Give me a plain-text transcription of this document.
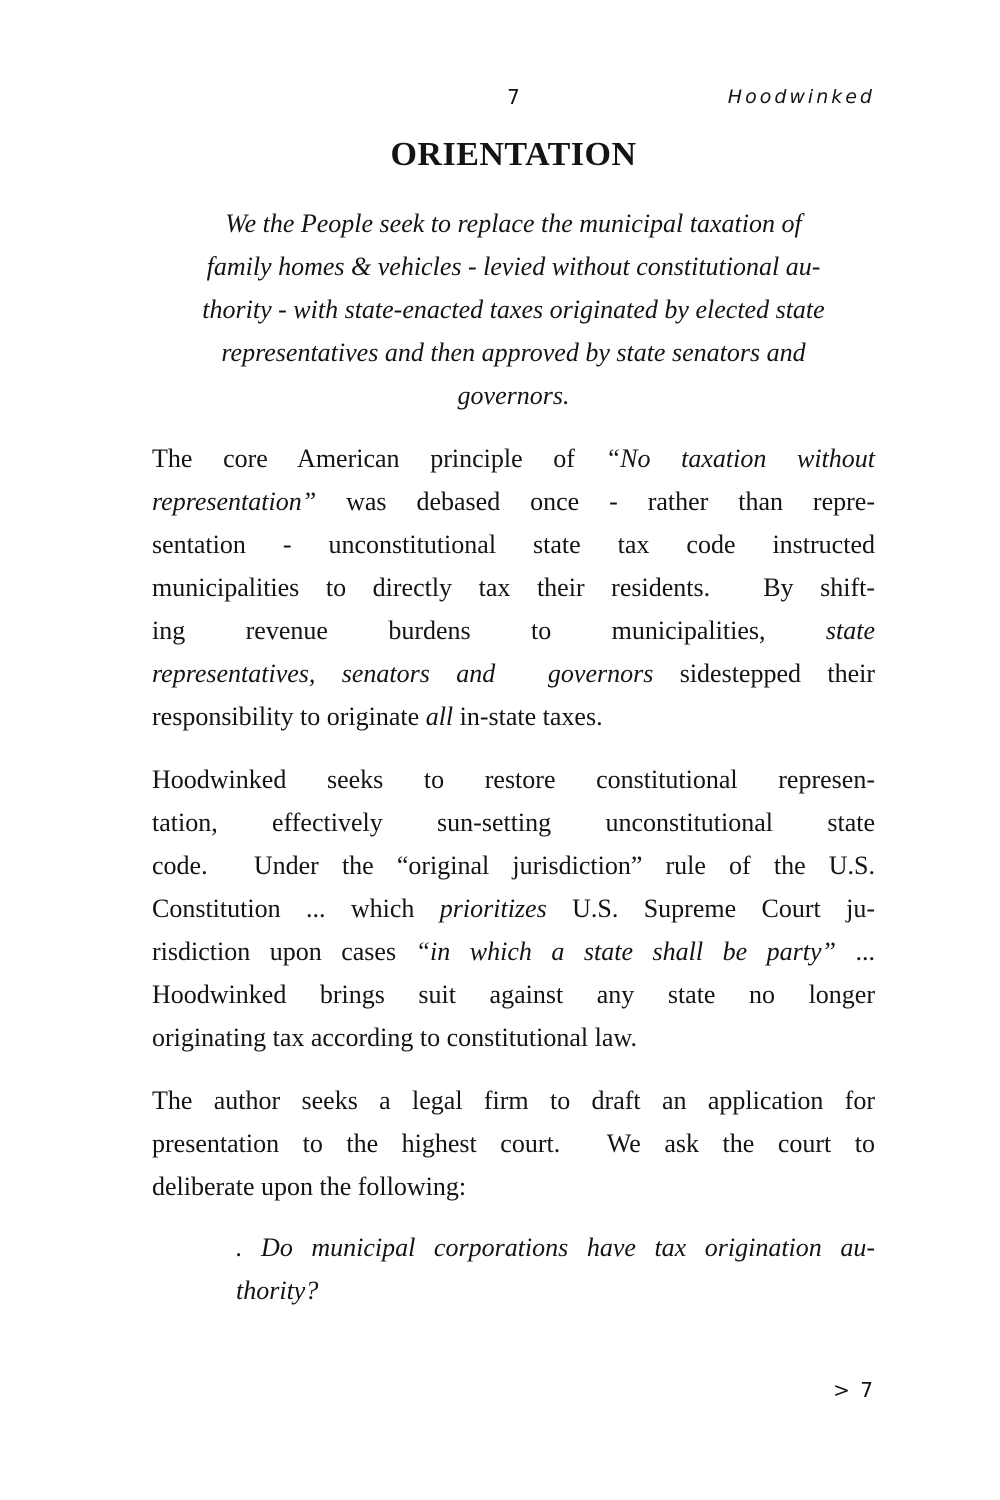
7	Hoodwinked
ORIENTATION
We the People seek to replace the municipal taxation of
family homes & vehicles - levied without constitutional au-
thority - with state-enacted taxes originated by elected state
representatives and then approved by state senators and
governors.
The core American principle of “No taxation without
representation” was debased once - rather than repre-
sentation - unconstitutional state tax code instructed
municipalities to directly tax their residents.  By shift-
ing revenue burdens to municipalities, state
representatives, senators and  governors sidestepped their
responsibility to originate all in-state taxes.
Hoodwinked seeks to restore constitutional represen-
tation, effectively sun-setting unconstitutional state
code.  Under the “original jurisdiction” rule of the U.S.
Constitution ... which prioritizes U.S. Supreme Court ju-
risdiction upon cases “in which a state shall be party” ...
Hoodwinked brings suit against any state no longer
originating tax according to constitutional law.
The author seeks a legal firm to draft an application for
presentation to the highest court.  We ask the court to
deliberate upon the following:
. Do municipal corporations have tax origination au-
thority?
> 7
